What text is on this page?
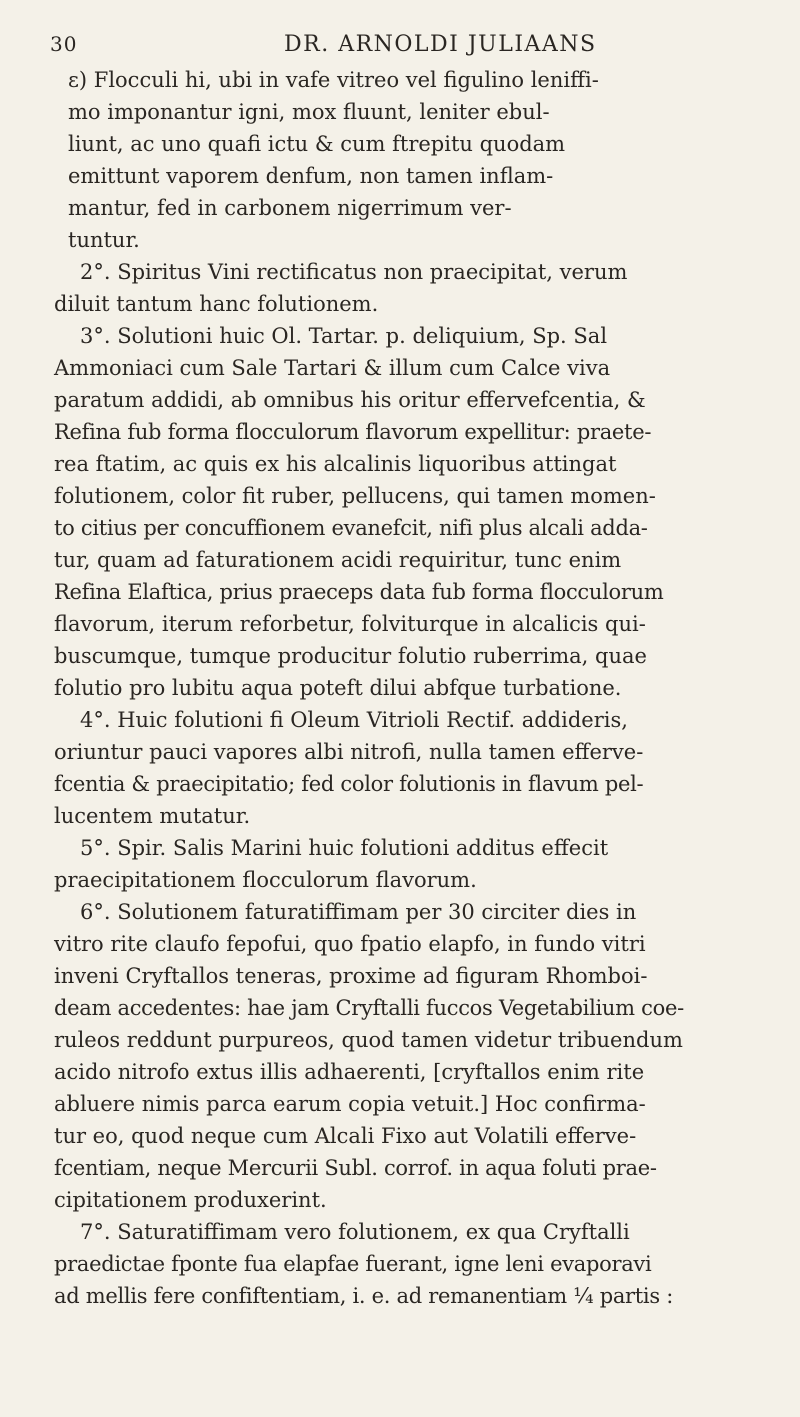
30	DR. ARNOLDI JULIAANS
ε) Flocculi hi, ubi in vafe vitreo vel figulino leniffi-
mo imponantur igni, mox fluunt, leniter ebul-
liunt, ac uno quafi ictu & cum ftrepitu quodam
emittunt vaporem denfum, non tamen inflam-
mantur, fed in carbonem nigerrimum ver-
tuntur.
2°. Spiritus Vini rectificatus non praecipitat, verum
diluit tantum hanc folutionem.
3°. Solutioni huic Ol. Tartar. p. deliquium, Sp. Sal
Ammoniaci cum Sale Tartari & illum cum Calce viva
paratum addidi, ab omnibus his oritur effervefcentia, &
Refina fub forma flocculorum flavorum expellitur: praete-
rea ftatim, ac quis ex his alcalinis liquoribus attingat
folutionem, color fit ruber, pellucens, qui tamen momen-
to citius per concuffionem evanefcit, nifi plus alcali adda-
tur, quam ad faturationem acidi requiritur, tunc enim
Refina Elaftica, prius praeceps data fub forma flocculorum
flavorum, iterum reforbetur, folviturque in alcalicis qui-
buscumque, tumque producitur folutio ruberrima, quae
folutio pro lubitu aqua poteft dilui abfque turbatione.
4°. Huic folutioni fi Oleum Vitrioli Rectif. addideris,
oriuntur pauci vapores albi nitrofi, nulla tamen efferve-
fcentia & praecipitatio; fed color folutionis in flavum pel-
lucentem mutatur.
5°. Spir. Salis Marini huic folutioni additus effecit
praecipitationem flocculorum flavorum.
6°. Solutionem faturatiffimam per 30 circiter dies in
vitro rite claufo fepofui, quo fpatio elapfo, in fundo vitri
inveni Cryftallos teneras, proxime ad figuram Rhomboi-
deam accedentes: hae jam Cryftalli fuccos Vegetabilium coe-
ruleos reddunt purpureos, quod tamen videtur tribuendum
acido nitrofo extus illis adhaerenti, [cryftallos enim rite
abluere nimis parca earum copia vetuit.] Hoc confirma-
tur eo, quod neque cum Alcali Fixo aut Volatili efferve-
fcentiam, neque Mercurii Subl. corrof. in aqua foluti prae-
cipitationem produxerint.
7°. Saturatiffimam vero folutionem, ex qua Cryftalli
praedictae fponte fua elapfae fuerant, igne leni evaporavi
ad mellis fere confiftentiam, i. e. ad remanentiam ¼ partis :
